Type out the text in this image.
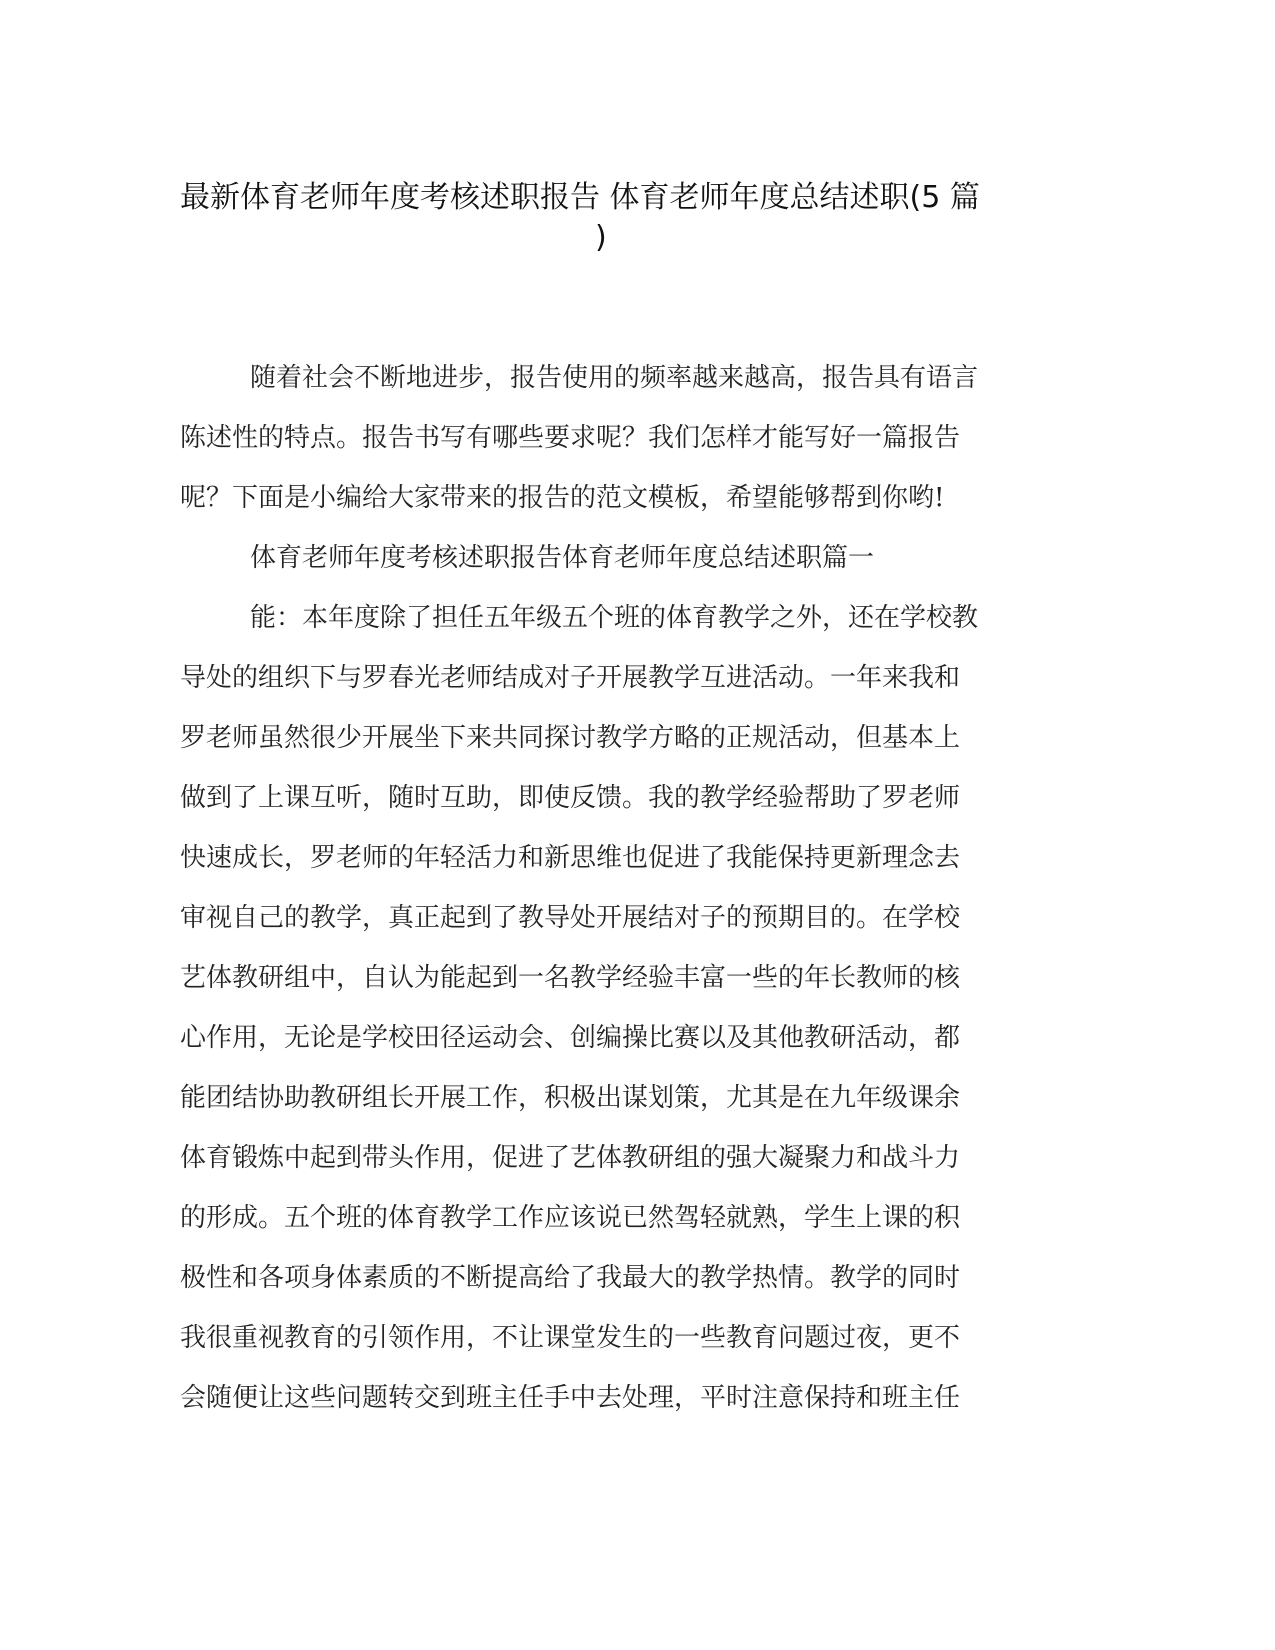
最新体育老师年度考核述职报告 体育老师年度总结述职(5 篇
)
随着社会不断地进步，报告使用的频率越来越高，报告具有语言
陈述性的特点。报告书写有哪些要求呢？我们怎样才能写好一篇报告
呢？下面是小编给大家带来的报告的范文模板，希望能够帮到你哟!
体育老师年度考核述职报告体育老师年度总结述职篇一
能：本年度除了担任五年级五个班的体育教学之外，还在学校教
导处的组织下与罗春光老师结成对子开展教学互进活动。一年来我和
罗老师虽然很少开展坐下来共同探讨教学方略的正规活动，但基本上
做到了上课互听，随时互助，即使反馈。我的教学经验帮助了罗老师
快速成长，罗老师的年轻活力和新思维也促进了我能保持更新理念去
审视自己的教学，真正起到了教导处开展结对子的预期目的。在学校
艺体教研组中，自认为能起到一名教学经验丰富一些的年长教师的核
心作用，无论是学校田径运动会、创编操比赛以及其他教研活动，都
能团结协助教研组长开展工作，积极出谋划策，尤其是在九年级课余
体育锻炼中起到带头作用，促进了艺体教研组的强大凝聚力和战斗力
的形成。五个班的体育教学工作应该说已然驾轻就熟，学生上课的积
极性和各项身体素质的不断提高给了我最大的教学热情。教学的同时
我很重视教育的引领作用，不让课堂发生的一些教育问题过夜，更不
会随便让这些问题转交到班主任手中去处理，平时注意保持和班主任
